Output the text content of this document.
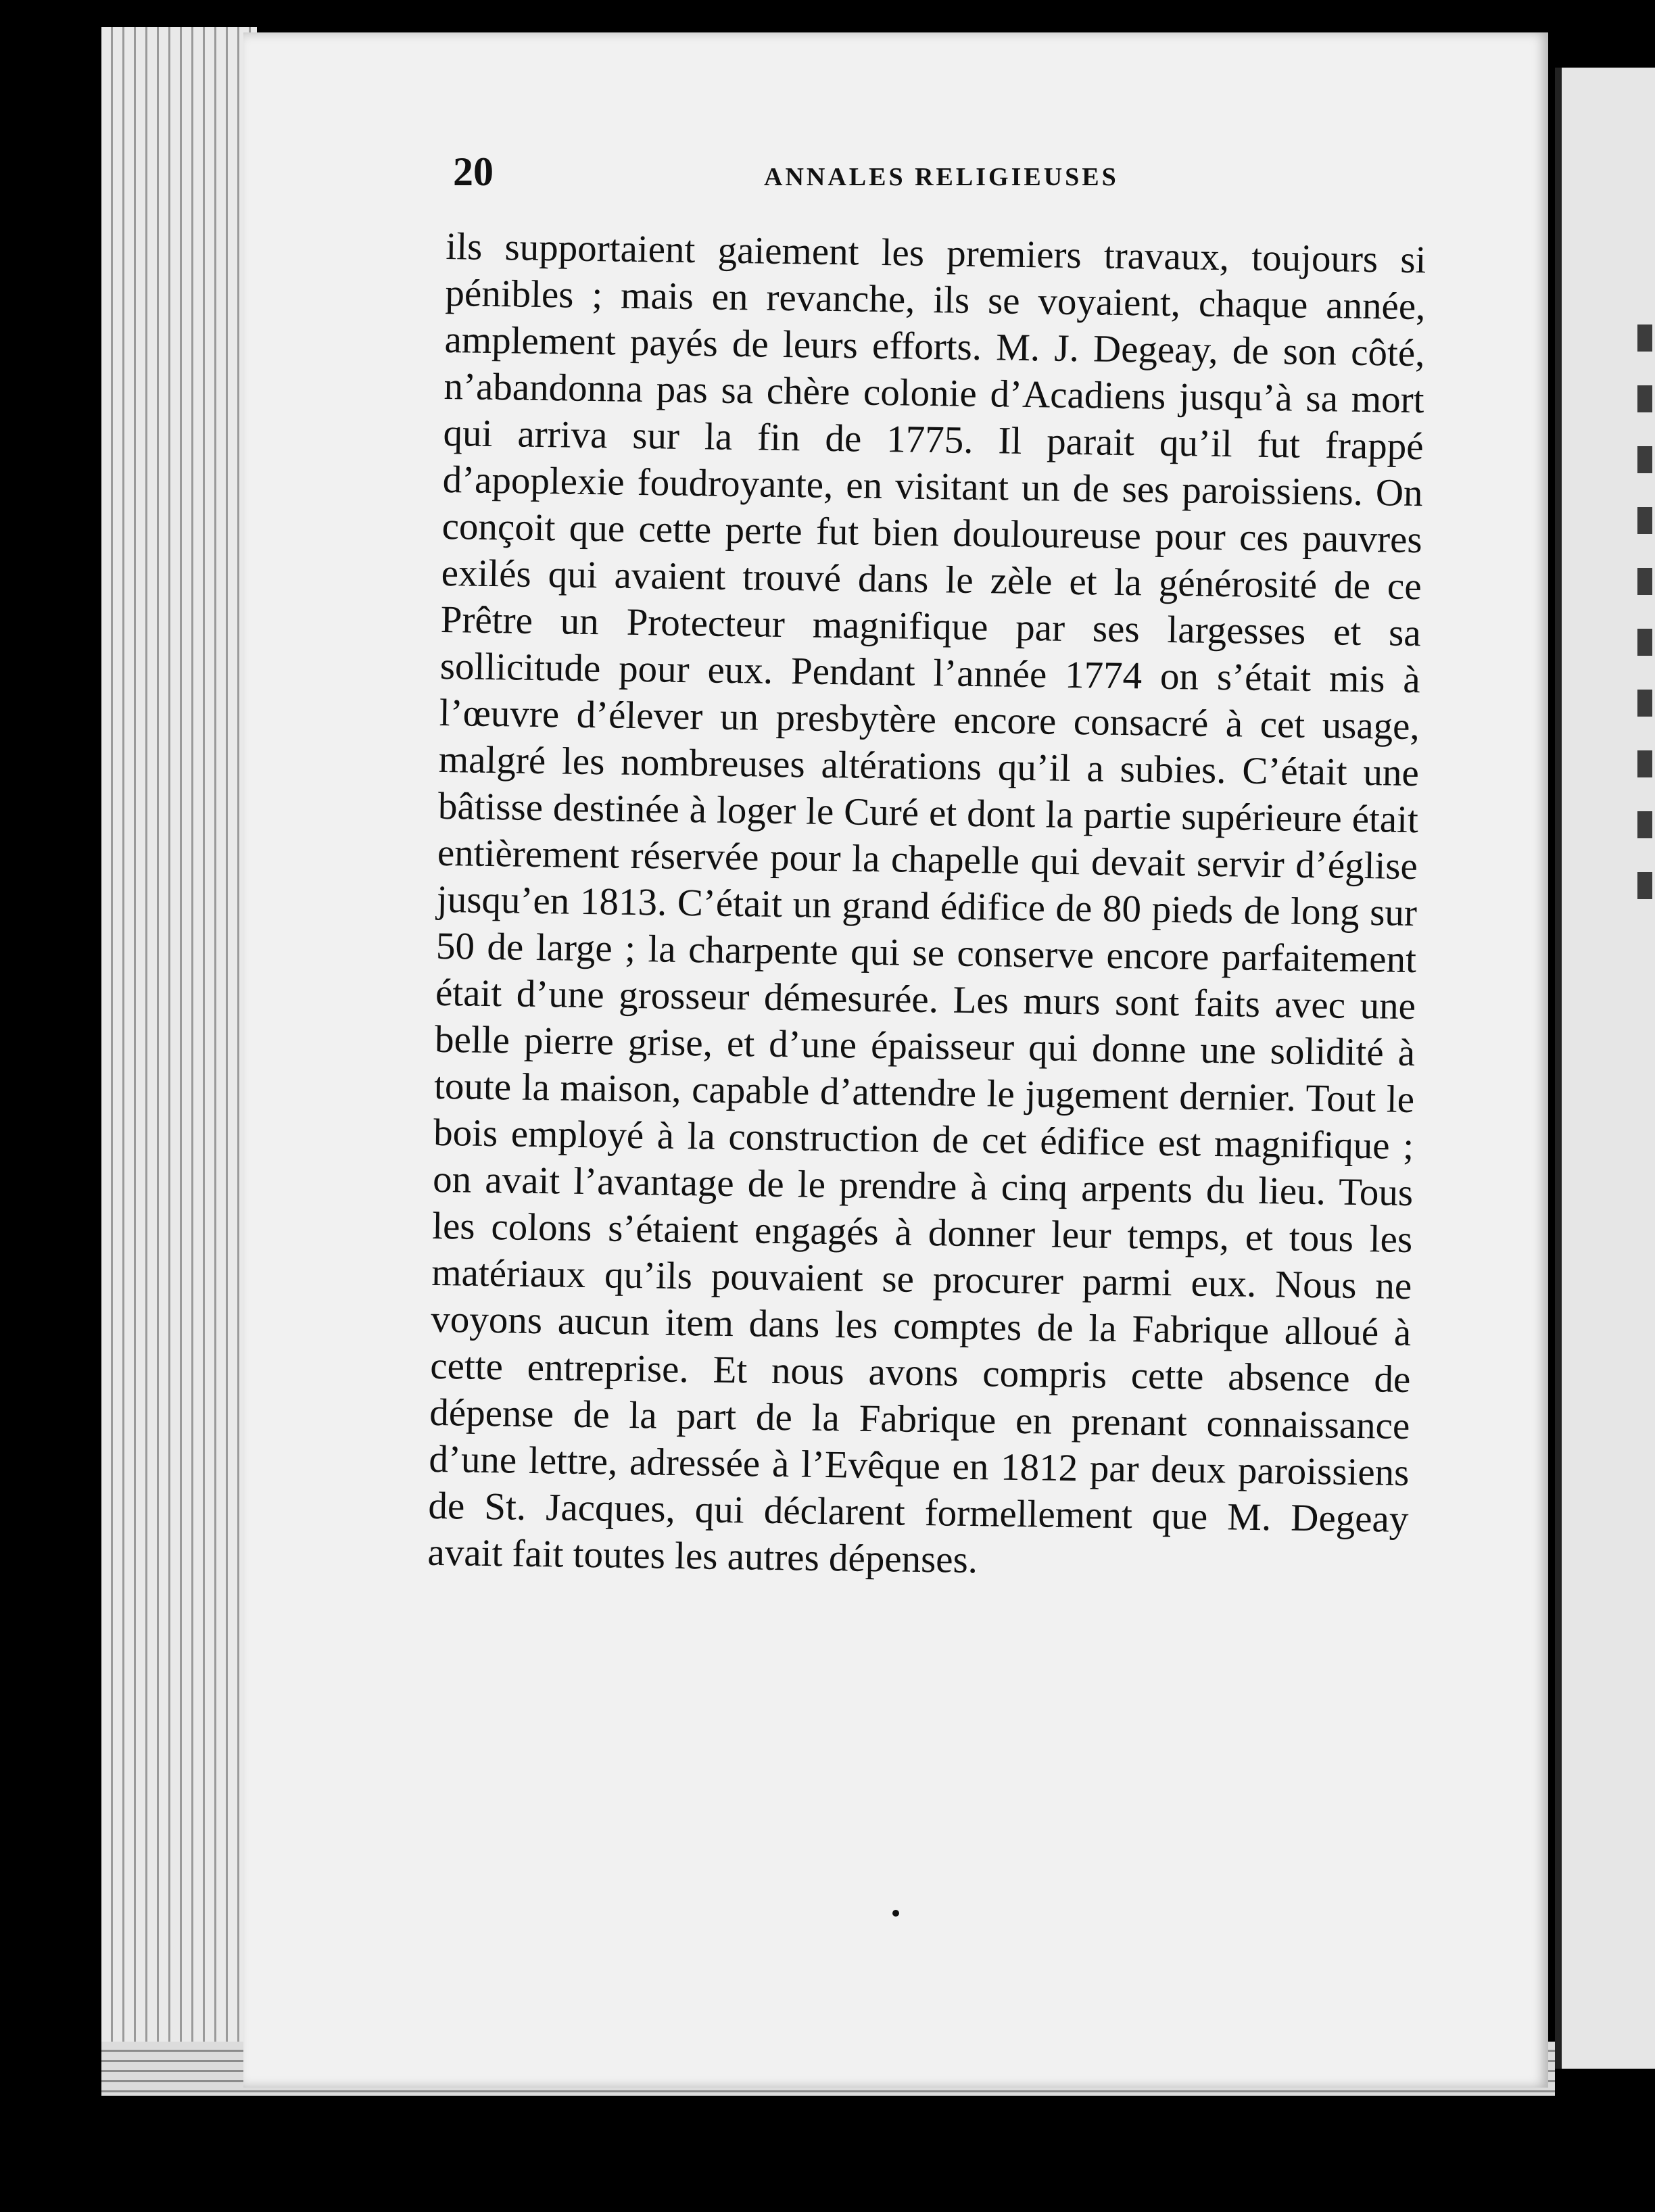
20	ANNALES RELIGIEUSES

ils supportaient gaiement les premiers travaux, toujours si pénibles ; mais en revanche, ils se voyaient, chaque année, amplement payés de leurs efforts. M. J. Degeay, de son côté, n’abandonna pas sa chère colonie d’Acadiens jusqu’à sa mort qui arriva sur la fin de 1775. Il parait qu’il fut frappé d’apoplexie foudroyante, en visitant un de ses paroissiens. On conçoit que cette perte fut bien douloureuse pour ces pauvres exilés qui avaient trouvé dans le zèle et la générosité de ce Prêtre un Protecteur magnifique par ses largesses et sa sollicitude pour eux. Pendant l’année 1774 on s’était mis à l’œuvre d’élever un presbytère encore consacré à cet usage, malgré les nombreuses altérations qu’il a subies. C’était une bâtisse destinée à loger le Curé et dont la partie supérieure était entièrement réservée pour la chapelle qui devait servir d’église jusqu’en 1813. C’était un grand édifice de 80 pieds de long sur 50 de large ; la charpente qui se conserve encore parfaitement était d’une grosseur démesurée. Les murs sont faits avec une belle pierre grise, et d’une épaisseur qui donne une solidité à toute la maison, capable d’attendre le jugement dernier. Tout le bois employé à la construction de cet édifice est magnifique ; on avait l’avantage de le prendre à cinq arpents du lieu. Tous les colons s’étaient engagés à donner leur temps, et tous les matériaux qu’ils pouvaient se procurer parmi eux. Nous ne voyons aucun item dans les comptes de la Fabrique alloué à cette entreprise. Et nous avons compris cette absence de dépense de la part de la Fabrique en prenant connaissance d’une lettre, adressée à l’Evêque en 1812 par deux paroissiens de St. Jacques, qui déclarent formellement que M. Degeay avait fait toutes les autres dépenses.
